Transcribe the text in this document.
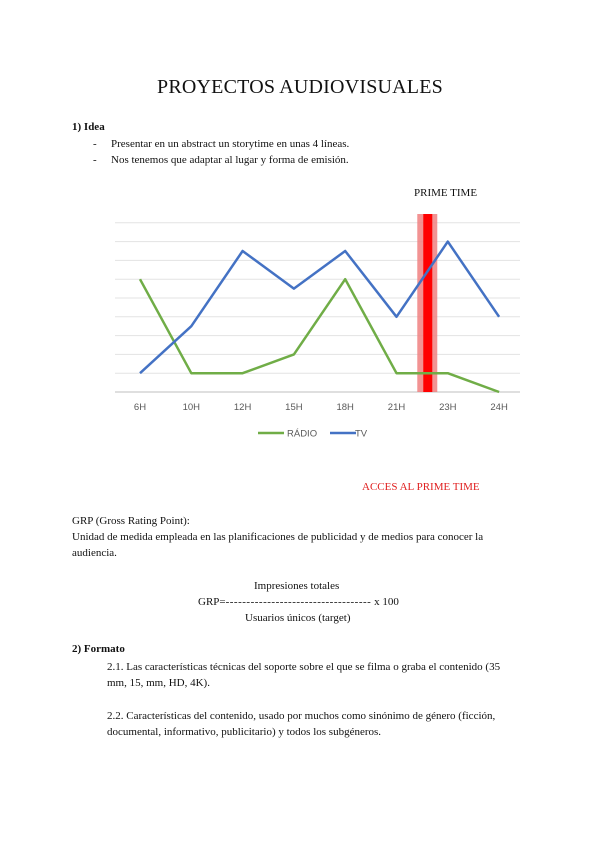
PROYECTOS AUDIOVISUALES
1) Idea
- Presentar en un abstract un storytime en unas 4 líneas.
- Nos tenemos que adaptar al lugar y forma de emisión.
PRIME TIME
6H	10H	12H	15H	18H	21H	23H	24H
RÁDIO	TV
ACCES AL PRIME TIME
GRP (Gross Rating Point):
Unidad de medida empleada en las planificaciones de publicidad y de medios para conocer la audiencia.
Impresiones totales
GRP=----------------------------------- x 100
Usuarios únicos (target)
2) Formato
2.1. Las características técnicas del soporte sobre el que se filma o graba el contenido (35 mm, 15, mm, HD, 4K).
2.2. Características del contenido, usado por muchos como sinónimo de género (ficción, documental, informativo, publicitario) y todos los subgéneros.
